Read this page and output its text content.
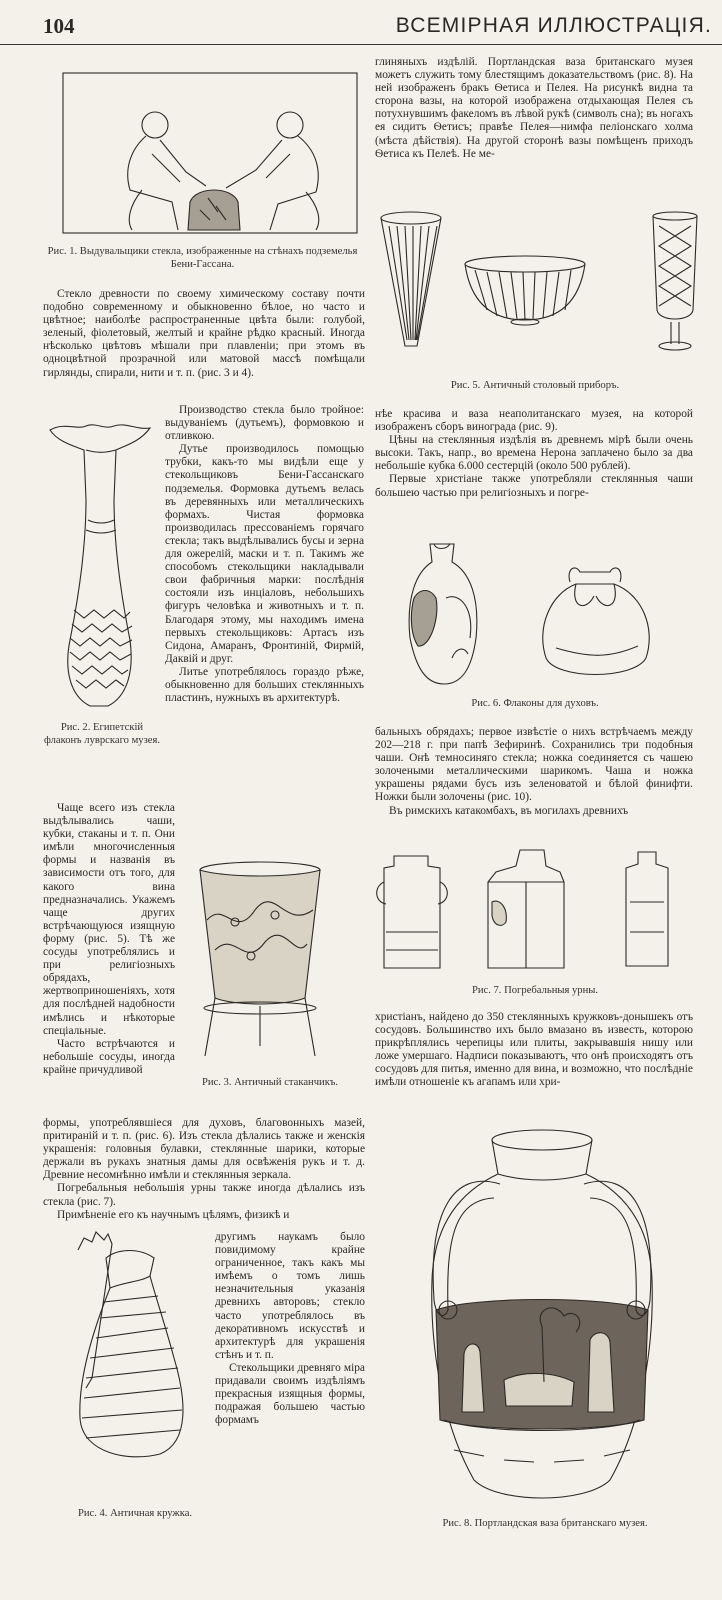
104	ВСЕМІРНАЯ ИЛЛЮСТРАЦІЯ.
Рис. 1. Выдувальщики стекла, изображенные на стѣнахъ подземелья Бени-Гассана.

Стекло древности по своему химическому составу почти подобно современному и обыкновенно бѣлое, но часто и цвѣтное; наиболѣе распространенные цвѣта были: голубой, зеленый, фіолетовый, желтый и крайне рѣдко красный. Иногда нѣсколько цвѣтовъ мѣшали при плавленіи; при этомъ въ одноцвѣтной прозрачной или матовой массѣ помѣщали гирлянды, спирали, нити и т. п. (рис. 3 и 4).

Рис. 2. Египетскій флаконъ луврскаго музея.

Производство стекла было тройное: выдуваніемъ (дутьемъ), формовкою и отливкою.

Дутье производилось помощью трубки, какъ-то мы видѣли еще у стекольщиковъ Бени-Гассанскаго подземелья. Формовка дутьемъ велась въ деревянныхъ или металлическихъ формахъ. Чистая формовка производилась прессованіемъ горячаго стекла; такъ выдѣлывались бусы и зерна для ожерелій, маски и т. п. Такимъ же способомъ стекольщики накладывали свои фабричныя марки: послѣднія состояли изъ инціаловъ, небольшихъ фигуръ человѣка и животныхъ и т. п. Благодаря этому, мы находимъ имена первыхъ стекольщиковъ: Артасъ изъ Сидона, Амаранъ, Фронтиній, Фирмій, Даквій и друг.

Литье употреблялось гораздо рѣже, обыкновенно для больших стеклянныхъ пластинъ, нужныхъ въ архитектурѣ.

Чаще всего изъ стекла выдѣлывались чаши, кубки, стаканы и т. п. Они имѣли многочисленныя формы и названія въ зависимости отъ того, для какого вина предназначались. Укажемъ чаще других встрѣчающуюся изящную форму (рис. 5). Тѣ же сосуды употреблялись и при религіозныхъ обрядахъ, жертвоприношеніяхъ, хотя для послѣдней надобности имѣлись и нѣкоторые спеціальные.

Часто встрѣчаются и небольшіе сосуды, иногда крайне причудливой

Рис. 3. Античный стаканчикъ.

формы, употреблявшіеся для духовъ, благовонныхъ мазей, притираній и т. п. (рис. 6). Изъ стекла дѣлались также и женскія украшенія: головныя булавки, стеклянные шарики, которые держали въ рукахъ знатныя дамы для освѣженія рукъ и т. д. Древние несомнѣнно имѣли и стеклянныя зеркала.

Погребальныя небольшія урны также иногда дѣлались изъ стекла (рис. 7).

Примѣненіе его къ научнымъ цѣлямъ, физикѣ и

Рис. 4. Античная кружка.

другимъ наукамъ было повидимому крайне ограниченное, такъ какъ мы имѣемъ о томъ лишь незначительныя указанія древнихъ авторовъ; стекло часто употреблялось въ декоративномъ искусствѣ и архитектурѣ для украшенія стѣнъ и т. п.

Стекольщики древняго міра придавали своимъ издѣліямъ прекрасныя изящныя формы, подражая большею частью формамъ

глиняныхъ издѣлій. Портландская ваза британскаго музея можетъ служить тому блестящимъ доказательствомъ (рис. 8). На ней изображенъ бракъ Ѳетиса и Пелея. На рисункѣ видна та сторона вазы, на которой изображена отдыхающая Пелея съ потухнувшимъ факеломъ въ лѣвой рукѣ (символъ сна); въ ногахъ ея сидитъ Ѳетисъ; правѣе Пелея—нимфа пеліонскаго холма (мѣста дѣйствія). На другой сторонѣ вазы помѣщенъ приходъ Ѳетиса къ Пелеѣ. Не ме-

Рис. 5. Античный столовый приборъ.

нѣе красива и ваза неаполитанскаго музея, на которой изображенъ сборъ винограда (рис. 9).

Цѣны на стеклянныя издѣлія въ древнемъ мірѣ были очень высоки. Такъ, напр., во времена Нерона заплачено было за два небольшіе кубка 6.000 сестерцій (около 500 рублей).

Первые христіане также употребляли стеклянныя чаши большею частью при религіозныхъ и погре-

Рис. 6. Флаконы для духовъ.

бальныхъ обрядахъ; первое извѣстіе о нихъ встрѣчаемъ между 202—218 г. при папѣ Зефиринѣ. Сохранились три подобныя чаши. Онѣ темносиняго стекла; ножка соединяется съ чашею золочеными металлическими шарикомъ. Чаша и ножка украшены рядами бусъ изъ зеленоватой и бѣлой финифти. Ножки были золочены (рис. 10).

Въ римскихъ катакомбахъ, въ могилахъ древнихъ

Рис. 7. Погребальныя урны.

христіанъ, найдено до 350 стеклянныхъ кружковъ-донышекъ отъ сосудовъ. Большинство ихъ было вмазано въ известь, которою прикрѣплялись черепицы или плиты, закрывавшія нишу или ложе умершаго. Надписи показываютъ, что онѣ происходятъ отъ сосудовъ для питья, именно для вина, и возможно, что послѣдніе имѣли отношеніе къ агапамъ или хри-

Рис. 8. Портландская ваза британскаго музея.
